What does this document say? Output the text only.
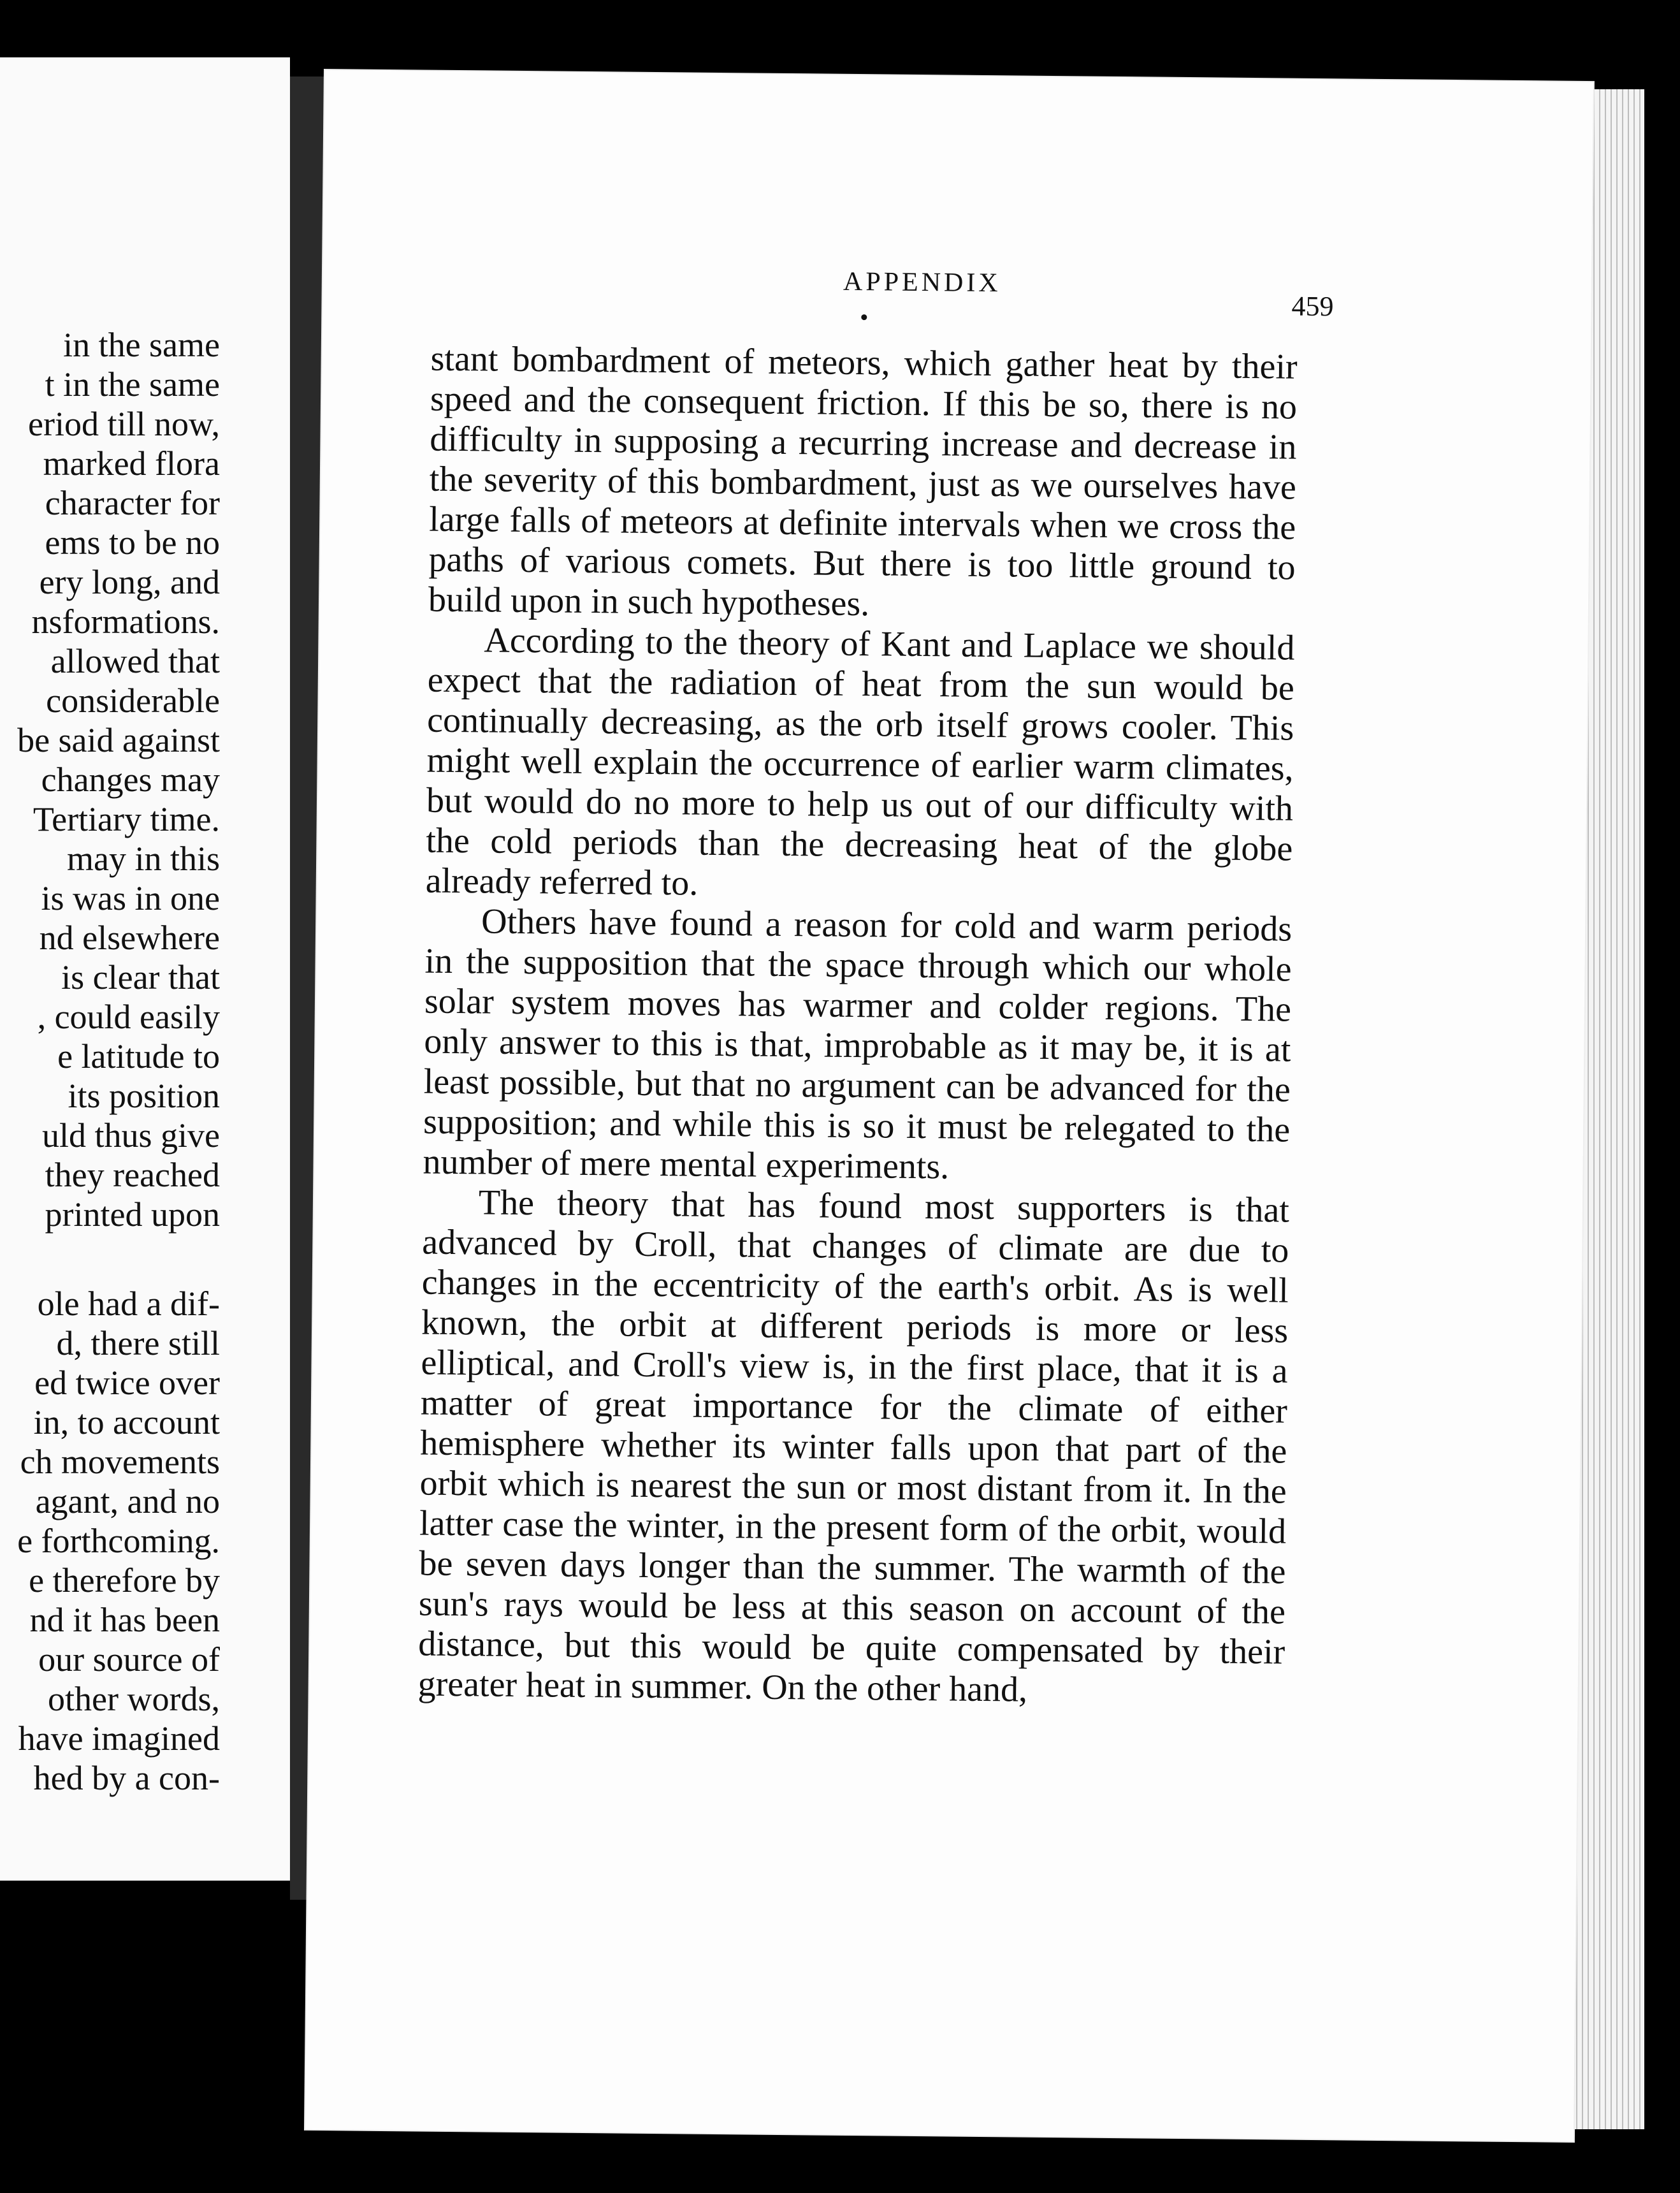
in the same
t in the same
eriod till now,
marked flora
character for
ems to be no
ery long, and
nsformations.
allowed that
considerable
be said against
changes may
Tertiary time.
may in this
is was in one
nd elsewhere
is clear that
, could easily
e latitude to
its position
uld thus give
they reached
printed upon
ole had a dif-
d, there still
ed twice over
in, to account
ch movements
agant, and no
e forthcoming.
e therefore by
nd it has been
our source of
other words,
have imagined
hed by a con-
APPENDIX
459

stant bombardment of meteors, which gather heat by their speed and the consequent friction. If this be so, there is no difficulty in supposing a recurring increase and decrease in the severity of this bombardment, just as we ourselves have large falls of meteors at definite intervals when we cross the paths of various comets. But there is too little ground to build upon in such hypotheses.

According to the theory of Kant and Laplace we should expect that the radiation of heat from the sun would be continually decreasing, as the orb itself grows cooler. This might well explain the occurrence of earlier warm climates, but would do no more to help us out of our difficulty with the cold periods than the decreasing heat of the globe already referred to.

Others have found a reason for cold and warm periods in the supposition that the space through which our whole solar system moves has warmer and colder regions. The only answer to this is that, improbable as it may be, it is at least possible, but that no argument can be advanced for the supposition; and while this is so it must be relegated to the number of mere mental experiments.

The theory that has found most supporters is that advanced by Croll, that changes of climate are due to changes in the eccentricity of the earth's orbit. As is well known, the orbit at different periods is more or less elliptical, and Croll's view is, in the first place, that it is a matter of great importance for the climate of either hemisphere whether its winter falls upon that part of the orbit which is nearest the sun or most distant from it. In the latter case the winter, in the present form of the orbit, would be seven days longer than the summer. The warmth of the sun's rays would be less at this season on account of the distance, but this would be quite compensated by their greater heat in summer. On the other hand,
